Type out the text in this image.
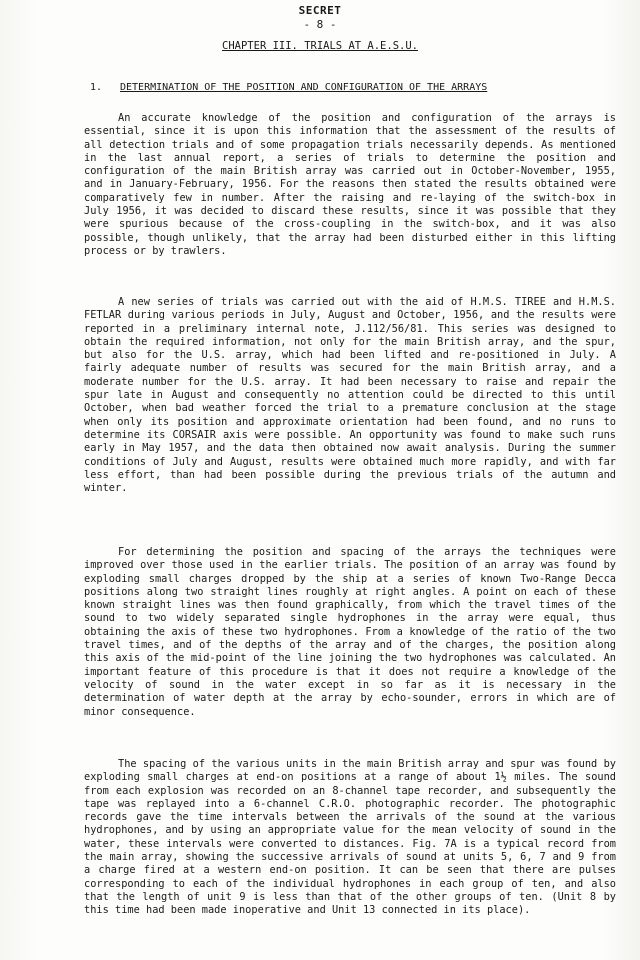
SECRET
- 8 -
CHAPTER III. TRIALS AT A.E.S.U.
1. DETERMINATION OF THE POSITION AND CONFIGURATION OF THE ARRAYS

An accurate knowledge of the position and configuration of the arrays is essential, since it is upon this information that the assessment of the results of all detection trials and of some propagation trials necessarily depends. As mentioned in the last annual report, a series of trials to determine the position and configuration of the main British array was carried out in October-November, 1955, and in January-February, 1956. For the reasons then stated the results obtained were comparatively few in number. After the raising and re-laying of the switch-box in July 1956, it was decided to discard these results, since it was possible that they were spurious because of the cross-coupling in the switch-box, and it was also possible, though unlikely, that the array had been disturbed either in this lifting process or by trawlers.

A new series of trials was carried out with the aid of H.M.S. TIREE and H.M.S. FETLAR during various periods in July, August and October, 1956, and the results were reported in a preliminary internal note, J.112/56/81. This series was designed to obtain the required information, not only for the main British array, and the spur, but also for the U.S. array, which had been lifted and re-positioned in July. A fairly adequate number of results was secured for the main British array, and a moderate number for the U.S. array. It had been necessary to raise and repair the spur late in August and consequently no attention could be directed to this until October, when bad weather forced the trial to a premature conclusion at the stage when only its position and approximate orientation had been found, and no runs to determine its CORSAIR axis were possible. An opportunity was found to make such runs early in May 1957, and the data then obtained now await analysis. During the summer conditions of July and August, results were obtained much more rapidly, and with far less effort, than had been possible during the previous trials of the autumn and winter.

For determining the position and spacing of the arrays the techniques were improved over those used in the earlier trials. The position of an array was found by exploding small charges dropped by the ship at a series of known Two-Range Decca positions along two straight lines roughly at right angles. A point on each of these known straight lines was then found graphically, from which the travel times of the sound to two widely separated single hydrophones in the array were equal, thus obtaining the axis of these two hydrophones. From a knowledge of the ratio of the two travel times, and of the depths of the array and of the charges, the position along this axis of the mid-point of the line joining the two hydrophones was calculated. An important feature of this procedure is that it does not require a knowledge of the velocity of sound in the water except in so far as it is necessary in the determination of water depth at the array by echo-sounder, errors in which are of minor consequence.

The spacing of the various units in the main British array and spur was found by exploding small charges at end-on positions at a range of about 1½ miles. The sound from each explosion was recorded on an 8-channel tape recorder, and subsequently the tape was replayed into a 6-channel C.R.O. photographic recorder. The photographic records gave the time intervals between the arrivals of the sound at the various hydrophones, and by using an appropriate value for the mean velocity of sound in the water, these intervals were converted to distances. Fig. 7A is a typical record from the main array, showing the successive arrivals of sound at units 5, 6, 7 and 9 from a charge fired at a western end-on position. It can be seen that there are pulses corresponding to each of the individual hydrophones in each group of ten, and also that the length of unit 9 is less than that of the other groups of ten. (Unit 8 by this time had been made inoperative and Unit 13 connected in its place).
